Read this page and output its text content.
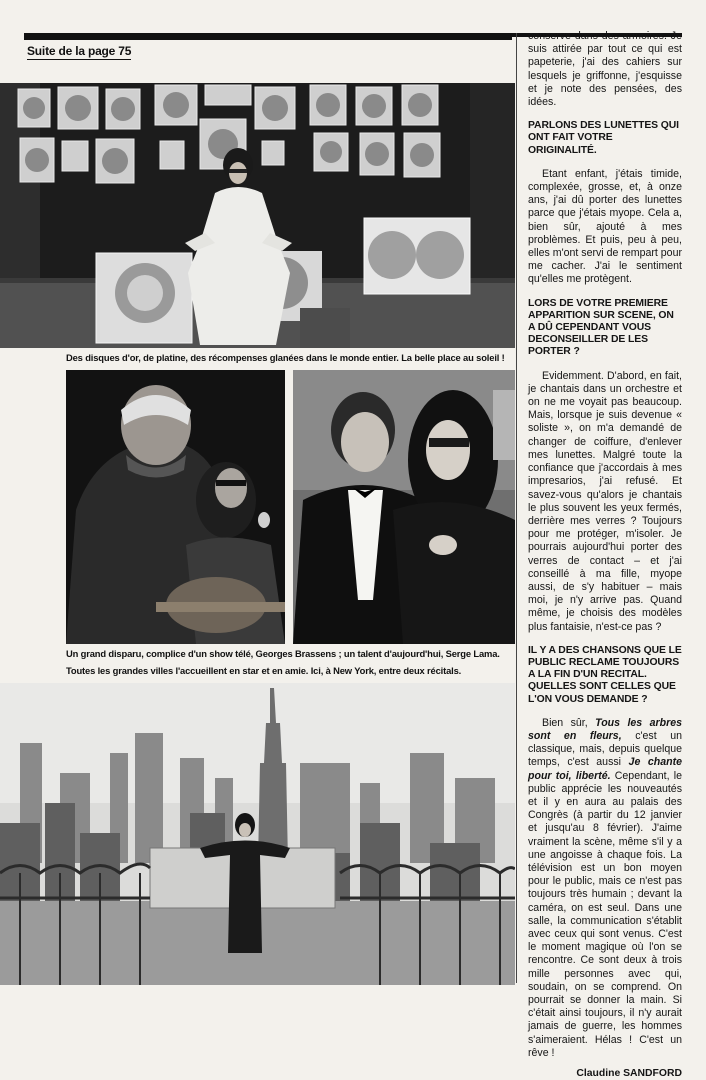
Suite de la page 75
Des disques d'or, de platine, des récompenses glanées dans le monde entier. La belle place au soleil !
Un grand disparu, complice d'un show télé, Georges Brassens ; un talent d'aujourd'hui, Serge Lama.
Toutes les grandes villes l'accueillent en star et en amie. Ici, à New York, entre deux récitals.

conserve dans des armoires. Je suis attirée par tout ce qui est papeterie, j'ai des cahiers sur lesquels je griffonne, j'esquisse et je note des pensées, des idées.

PARLONS DES LUNETTES QUI ONT FAIT VOTRE ORIGINALITÉ.

Etant enfant, j'étais timide, complexée, grosse, et, à onze ans, j'ai dû porter des lunettes parce que j'étais myope. Cela a, bien sûr, ajouté à mes problèmes. Et puis, peu à peu, elles m'ont servi de rempart pour me cacher. J'ai le sentiment qu'elles me protègent.

LORS DE VOTRE PREMIERE APPARITION SUR SCENE, ON A DÛ CEPENDANT VOUS DECONSEILLER DE LES PORTER ?

Evidemment. D'abord, en fait, je chantais dans un orchestre et on ne me voyait pas beaucoup. Mais, lorsque je suis devenue « soliste », on m'a demandé de changer de coiffure, d'enlever mes lunettes. Malgré toute la confiance que j'accordais à mes impresarios, j'ai refusé. Et savez-vous qu'alors je chantais le plus souvent les yeux fermés, derrière mes verres ? Toujours pour me protéger, m'isoler. Je pourrais aujourd'hui porter des verres de contact – et j'ai conseillé à ma fille, myope aussi, de s'y habituer – mais moi, je n'y arrive pas. Quand même, je choisis des modèles plus fantaisie, n'est-ce pas ?

IL Y A DES CHANSONS QUE LE PUBLIC RECLAME TOUJOURS A LA FIN D'UN RECITAL. QUELLES SONT CELLES QUE L'ON VOUS DEMANDE ?

Bien sûr, Tous les arbres sont en fleurs, c'est un classique, mais, depuis quelque temps, c'est aussi Je chante pour toi, liberté. Cependant, le public apprécie les nouveautés et il y en aura au palais des Congrès (à partir du 12 janvier et jusqu'au 8 février). J'aime vraiment la scène, même s'il y a une angoisse à chaque fois. La télévision est un bon moyen pour le public, mais ce n'est pas toujours très humain ; devant la caméra, on est seul. Dans une salle, la communication s'établit avec ceux qui sont venus. C'est le moment magique où l'on se rencontre. Ce sont deux à trois mille personnes avec qui, soudain, on se comprend. On pourrait se donner la main. Si c'était ainsi toujours, il n'y aurait jamais de guerre, les hommes s'aimeraient. Hélas ! C'est un rêve !

Claudine SANDFORD
